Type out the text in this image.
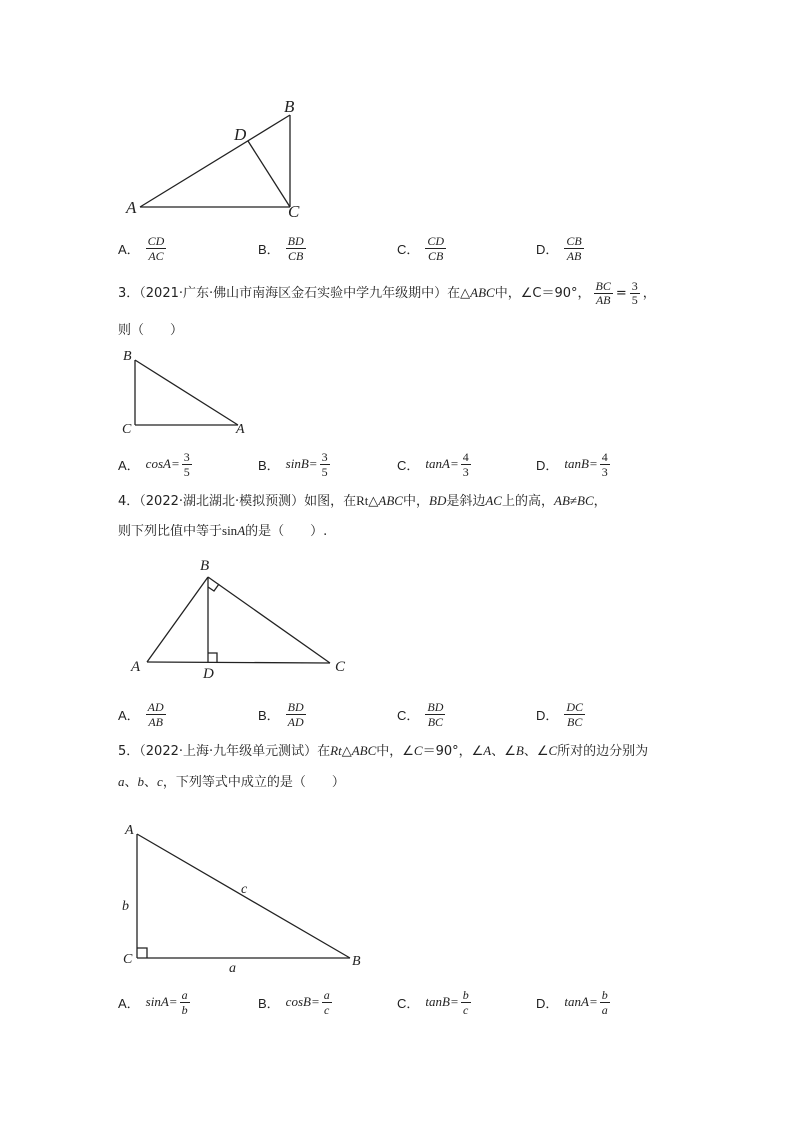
A
B
C
D
A． $\frac{CD}{AC}$	B． $\frac{BD}{CB}$	C． $\frac{CD}{CB}$	D． $\frac{CB}{AB}$
3．（2021·广东·佛山市南海区金石实验中学九年级期中）在△ABC中，∠C＝90°， $\frac{BC}{AB} = \frac{3}{5}$ ，
则（　　）
B
C	A
A． $\cos A= \frac{3}{5}$	B． $\sin B= \frac{3}{5}$	C． $\tan A= \frac{4}{3}$	D． $\tan B= \frac{4}{3}$
4．（2022·湖北湖北·模拟预测）如图，在Rt△ABC中，BD是斜边AC上的高，AB≠BC，
则下列比值中等于sinA的是（　　）.
B
A	C
D
A． $\frac{AD}{AB}$	B． $\frac{BD}{AD}$	C． $\frac{BD}{BC}$	D． $\frac{DC}{BC}$
5．（2022·上海·九年级单元测试）在Rt△ABC中，∠C＝90°，∠A、∠B、∠C所对的边分别为
a、b、c，下列等式中成立的是（　　）
A
C	B
a
b
c
A． $\sin A= \frac{a}{b}$	B． $\cos B= \frac{a}{c}$	C． $\tan B= \frac{b}{c}$	D． $\tan A= \frac{b}{a}$
